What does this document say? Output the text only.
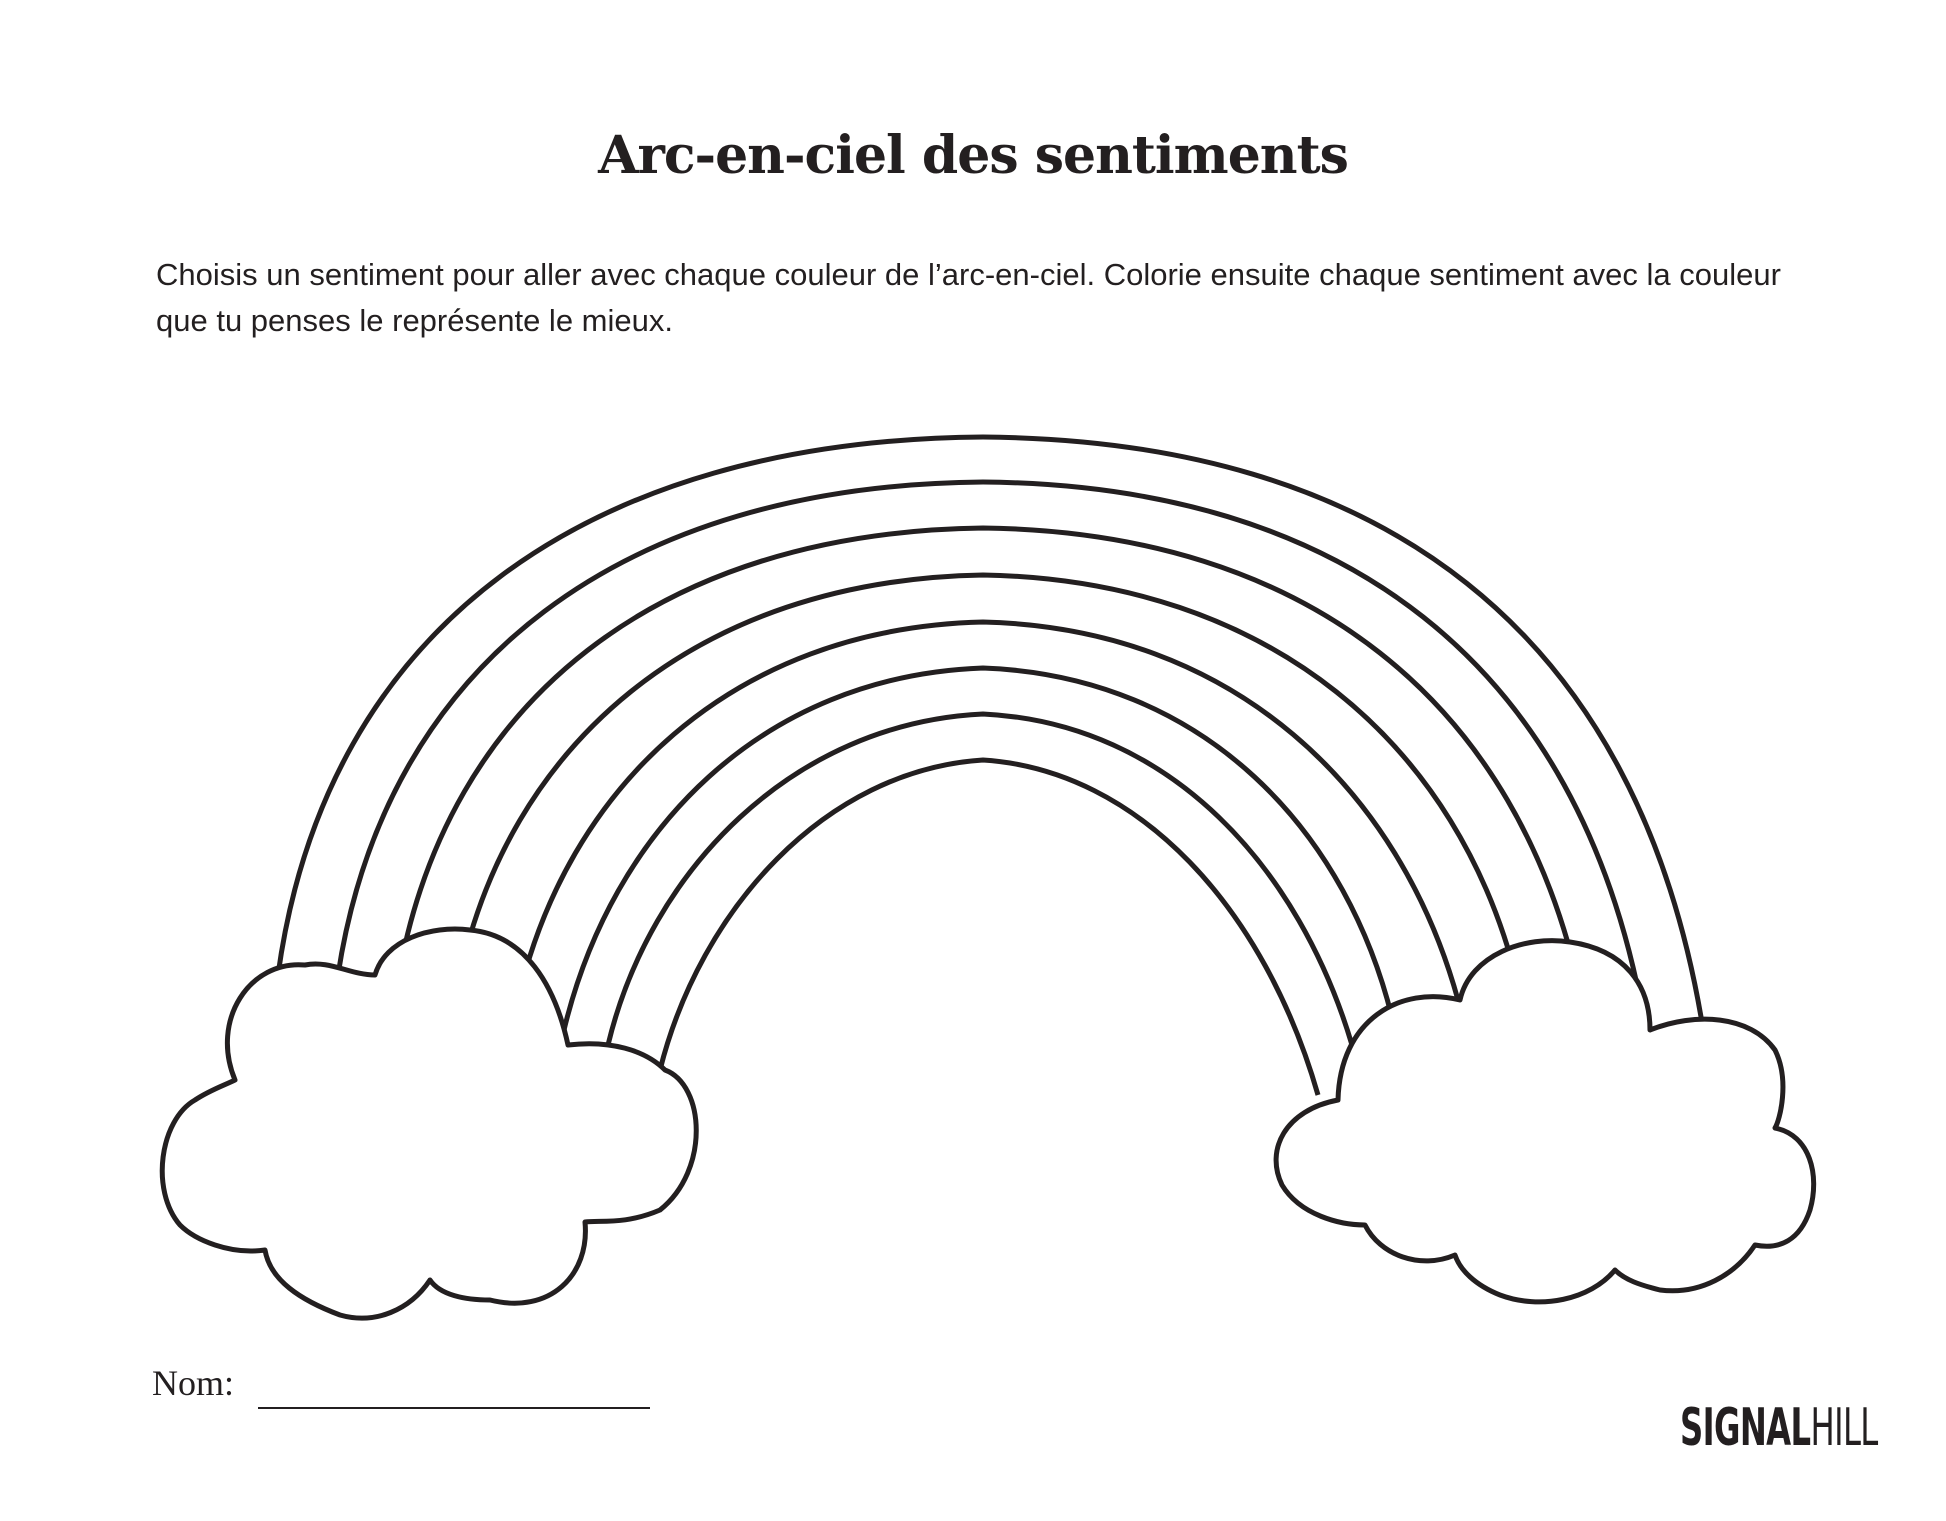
Arc-en-ciel des sentiments

Choisis un sentiment pour aller avec chaque couleur de l’arc-en-ciel. Colorie ensuite chaque sentiment avec la couleur que tu penses le représente le mieux.

Nom:
SIGNALHILL
